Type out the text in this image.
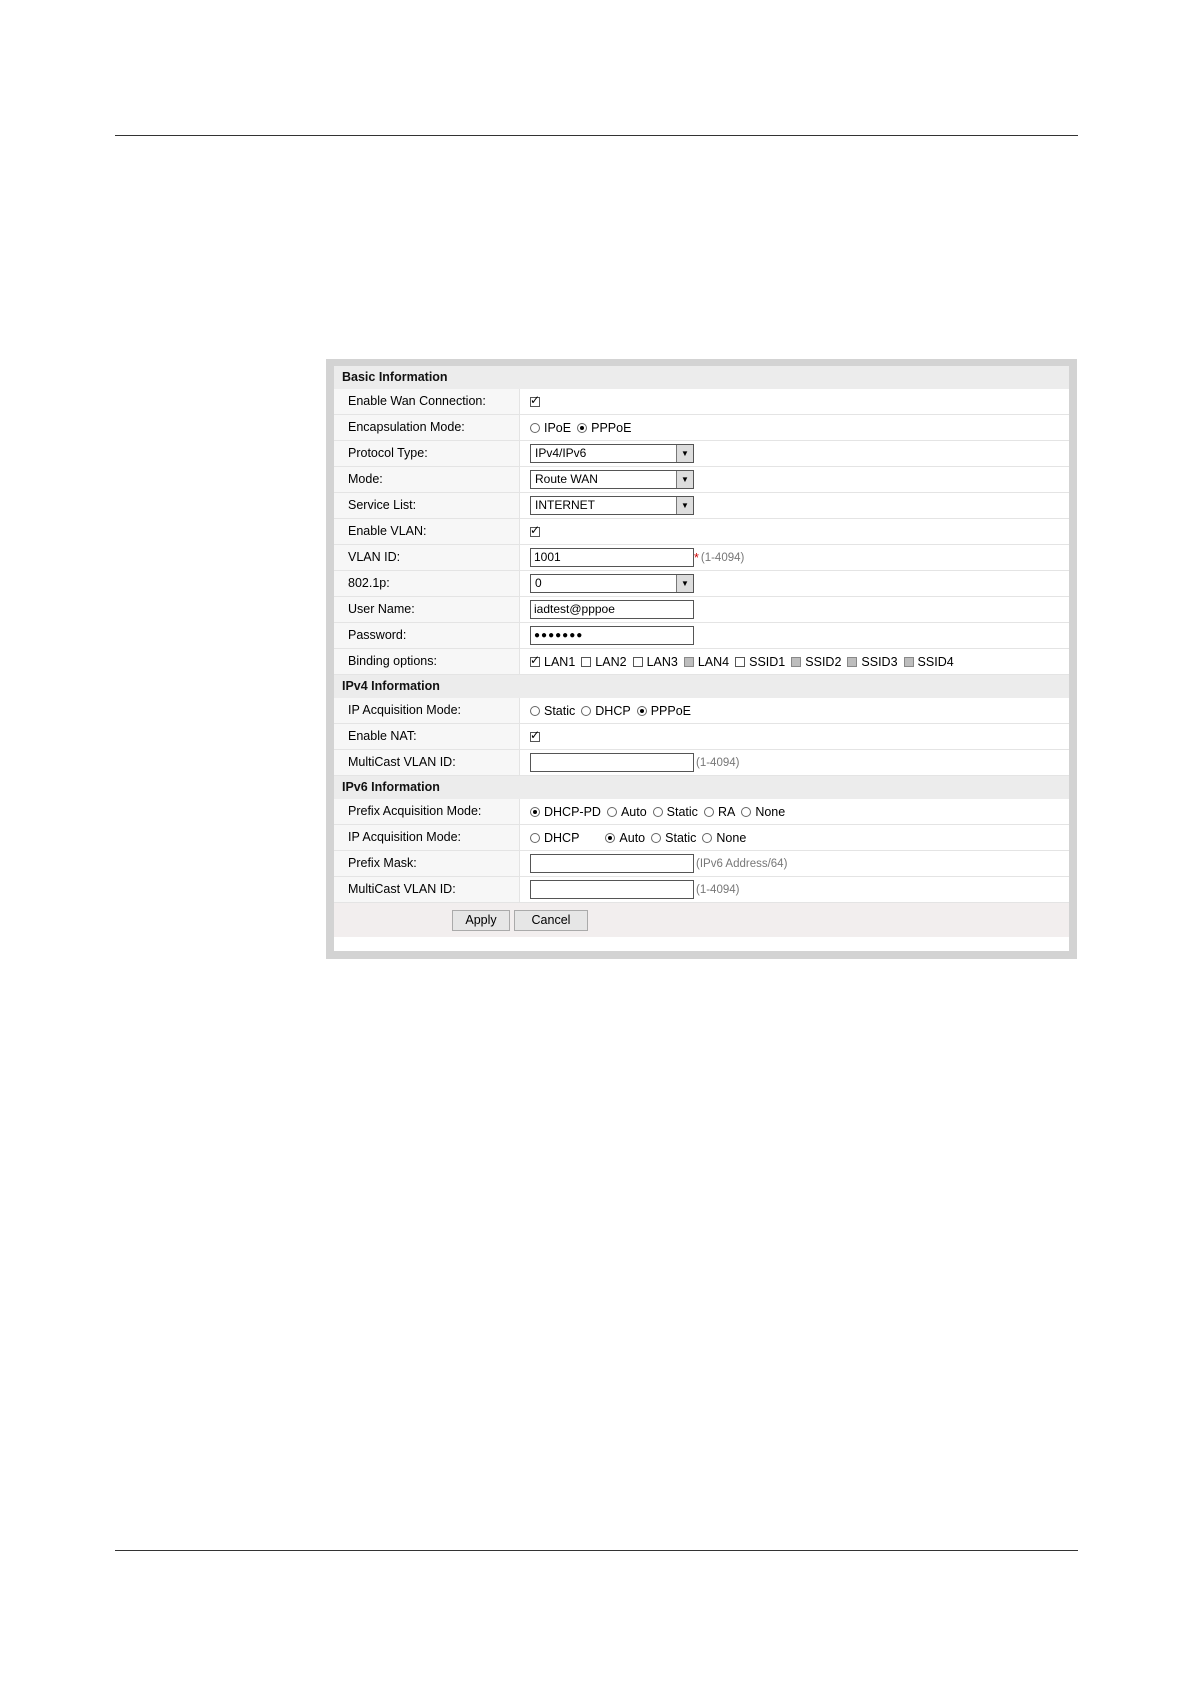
Basic Information
Enable Wan Connection:
✓
Encapsulation Mode:	IPoE PPPoE
Protocol Type:	IPv4/IPv6	▼
Mode:	Route WAN	▼
Service List:	INTERNET	▼
Enable VLAN:
✓
VLAN ID:	1001	* (1-4094)
802.1p:	0	▼
User Name:	iadtest@pppoe
Password:	●●●●●●●
Binding options:
✓	LAN1 LAN2 LAN3 LAN4 SSID1 SSID2 SSID3 SSID4
IPv4 Information
IP Acquisition Mode:	Static DHCP PPPoE
Enable NAT:
✓
MultiCast VLAN ID:	(1-4094)
IPv6 Information
Prefix Acquisition Mode:	DHCP-PD Auto Static RA None
IP Acquisition Mode:	DHCP	Auto Static None
Prefix Mask:	(IPv6 Address/64)
MultiCast VLAN ID:	(1-4094)
Apply	Cancel
